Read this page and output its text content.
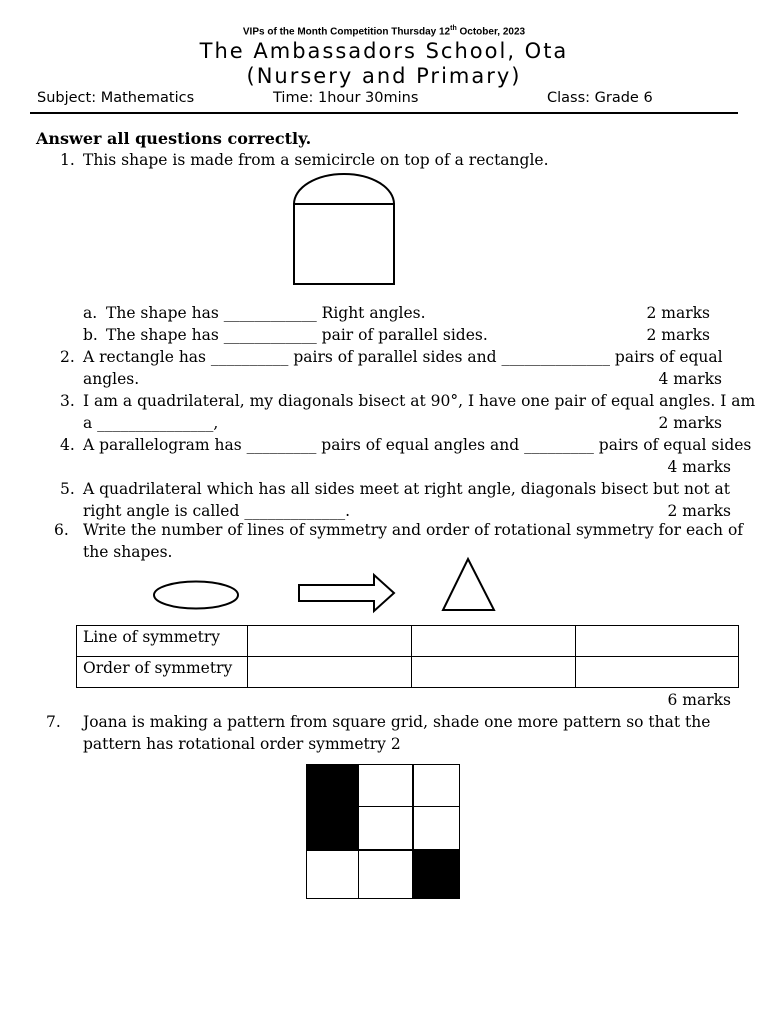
VIPs of the Month Competition Thursday 12th October, 2023
The Ambassadors School, Ota
(Nursery and Primary)
Subject: Mathematics	Time: 1hour 30mins	Class: Grade 6
Answer all questions correctly.
1. This shape is made from a semicircle on top of a rectangle.
a. The shape has ____________ Right angles.	2 marks
b. The shape has ____________ pair of parallel sides.	2 marks
2. A rectangle has __________ pairs of parallel sides and ______________ pairs of equal
angles.	4 marks
3. I am a quadrilateral, my diagonals bisect at 90°, I have one pair of equal angles. I am
a _______________,	2 marks
4. A parallelogram has _________ pairs of equal angles and _________ pairs of equal sides
4 marks
5. A quadrilateral which has all sides meet at right angle, diagonals bisect but not at
right angle is called _____________.	2 marks
6. Write the number of lines of symmetry and order of rotational symmetry for each of
the shapes.
Line of symmetry			
Order of symmetry			
6 marks
7. Joana is making a pattern from square grid, shade one more pattern so that the
pattern has rotational order symmetry 2
